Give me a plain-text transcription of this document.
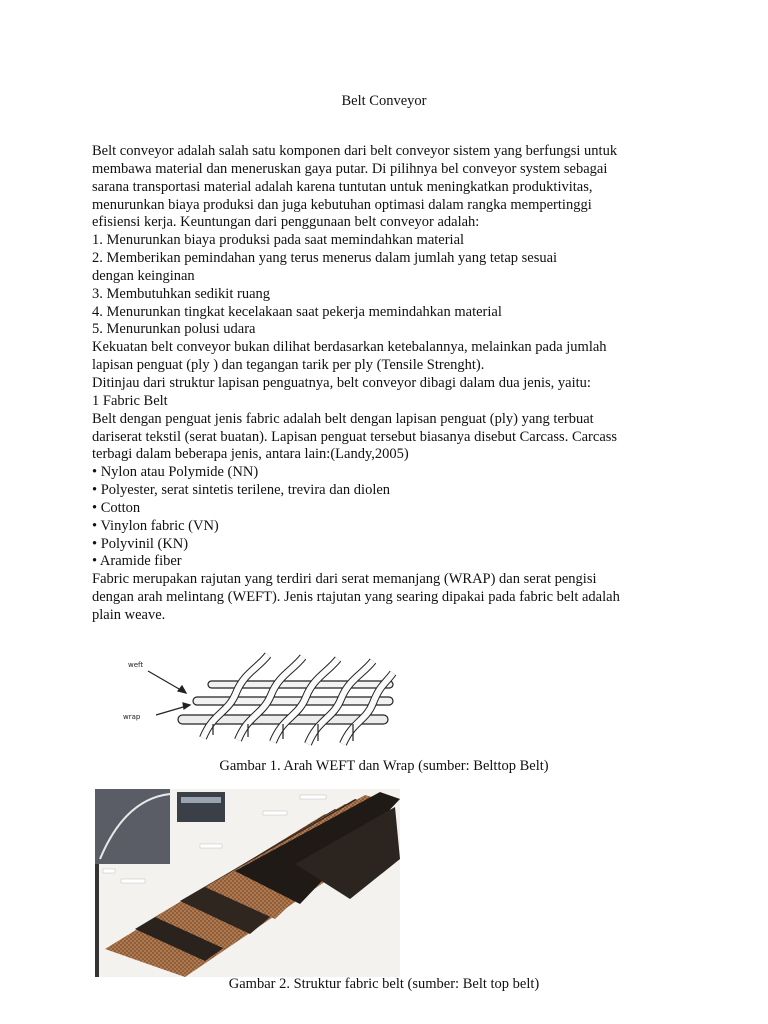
Belt Conveyor
Belt conveyor adalah salah satu komponen dari belt conveyor sistem yang berfungsi untuk
membawa material dan meneruskan gaya putar. Di pilihnya bel conveyor system sebagai
sarana transportasi material adalah karena tuntutan untuk meningkatkan produktivitas,
menurunkan biaya produksi dan juga kebutuhan optimasi dalam rangka mempertinggi
efisiensi kerja. Keuntungan dari penggunaan belt conveyor adalah:
1. Menurunkan biaya produksi pada saat memindahkan material
2. Memberikan pemindahan yang terus menerus dalam jumlah yang tetap sesuai
dengan keinginan
3. Membutuhkan sedikit ruang
4. Menurunkan tingkat kecelakaan saat pekerja memindahkan material
5. Menurunkan polusi udara
Kekuatan belt conveyor bukan dilihat berdasarkan ketebalannya, melainkan pada jumlah
lapisan penguat (ply ) dan tegangan tarik per ply (Tensile Strenght).
Ditinjau dari struktur lapisan penguatnya, belt conveyor dibagi dalam dua jenis, yaitu:
1 Fabric Belt
Belt dengan penguat jenis fabric adalah belt dengan lapisan penguat (ply) yang terbuat
dariserat tekstil (serat buatan). Lapisan penguat tersebut biasanya disebut Carcass. Carcass
terbagi dalam beberapa jenis, antara lain:(Landy,2005)
• Nylon atau Polymide (NN)
• Polyester, serat sintetis terilene, trevira dan diolen
• Cotton
• Vinylon fabric (VN)
• Polyvinil (KN)
• Aramide fiber
Fabric merupakan rajutan yang terdiri dari serat memanjang (WRAP) dan serat pengisi
dengan arah melintang (WEFT). Jenis rtajutan yang searing dipakai pada fabric belt adalah
plain weave.
weft
wrap
Gambar 1. Arah WEFT dan Wrap (sumber: Belttop Belt)
Gambar 2. Struktur fabric belt (sumber: Belt top belt)
